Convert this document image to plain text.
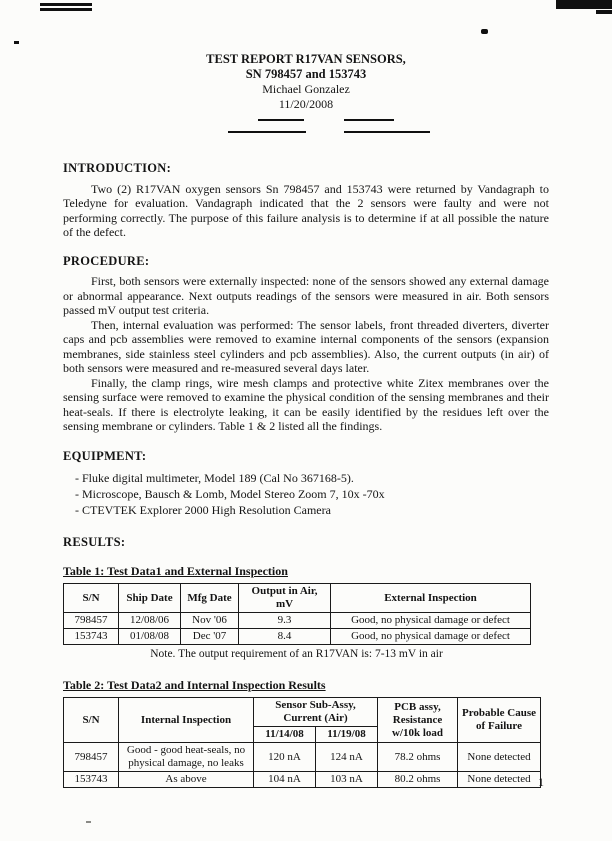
TEST REPORT R17VAN SENSORS,
SN 798457 and 153743
Michael Gonzalez
11/20/2008
INTRODUCTION:

Two (2) R17VAN oxygen sensors Sn 798457 and 153743 were returned by Vandagraph to Teledyne for evaluation. Vandagraph indicated that the 2 sensors were faulty and were not performing correctly. The purpose of this failure analysis is to determine if at all possible the nature of the defect.

PROCEDURE:

First, both sensors were externally inspected: none of the sensors showed any external damage or abnormal appearance. Next outputs readings of the sensors were measured in air. Both sensors passed mV output test criteria.

Then, internal evaluation was performed: The sensor labels, front threaded diverters, diverter caps and pcb assemblies were removed to examine internal components of the sensors (expansion membranes, side stainless steel cylinders and pcb assemblies). Also, the current outputs (in air) of both sensors were measured and re-measured several days later.

Finally, the clamp rings, wire mesh clamps and protective white Zitex membranes over the sensing surface were removed to examine the physical condition of the sensing membranes and their heat-seals. If there is electrolyte leaking, it can be easily identified by the residues left over the sensing membrane or cylinders. Table 1 & 2 listed all the findings.

EQUIPMENT:
- Fluke digital multimeter, Model 189 (Cal No 367168-5).
- Microscope, Bausch & Lomb, Model Stereo Zoom 7, 10x -70x
- CTEVTEK Explorer 2000 High Resolution Camera
RESULTS:
Table 1: Test Data1 and External Inspection
S/N	Ship Date	Mfg Date	Output in Air, mV	External Inspection
798457	12/08/06	Nov '06	9.3	Good, no physical damage or defect
153743	01/08/08	Dec '07	8.4	Good, no physical damage or defect
Note. The output requirement of an R17VAN is: 7-13 mV in air
Table 2: Test Data2 and Internal Inspection Results
S/N	Internal Inspection	Sensor Sub-Assy, Current (Air)		PCB assy, Resistance w/10k load	Probable Cause of Failure
		11/14/08	11/19/08		
798457	Good - good heat-seals, no physical damage, no leaks	120 nA	124 nA	78.2 ohms	None detected
153743	As above	104 nA	103 nA	80.2 ohms	None detected 1
